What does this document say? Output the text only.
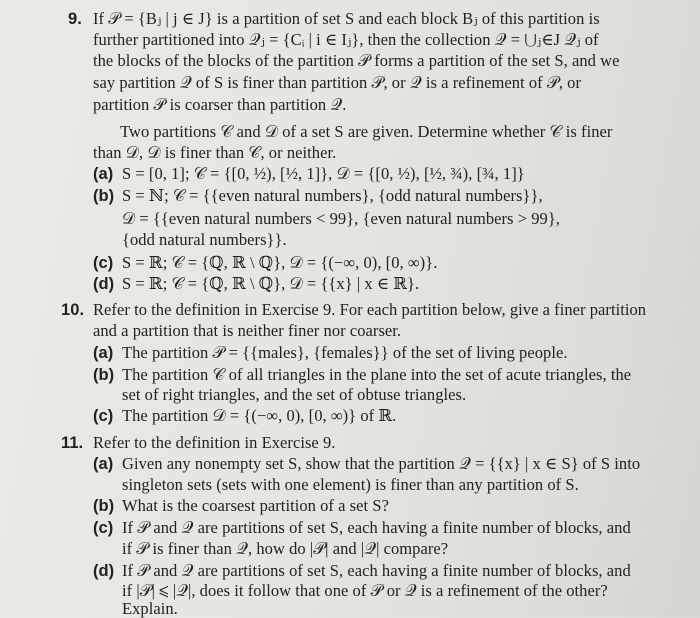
9. If 𝒫 = {Bⱼ | j ∈ J} is a partition of set S and each block Bⱼ of this partition is
further partitioned into 𝒬ⱼ = {Cᵢ | i ∈ Iⱼ}, then the collection 𝒬 = ⋃ⱼ∈J 𝒬ⱼ of
the blocks of the blocks of the partition 𝒫 forms a partition of the set S, and we
say partition 𝒬 of S is finer than partition 𝒫, or 𝒬 is a refinement of 𝒫, or
partition 𝒫 is coarser than partition 𝒬.
Two partitions 𝒞 and 𝒟 of a set S are given. Determine whether 𝒞 is finer
than 𝒟, 𝒟 is finer than 𝒞, or neither.
(a) S = [0, 1]; 𝒞 = {[0, ½), [½, 1]}, 𝒟 = {[0, ½), [½, ¾), [¾, 1]}
(b) S = ℕ; 𝒞 = {{even natural numbers}, {odd natural numbers}},
𝒟 = {{even natural numbers < 99}, {even natural numbers > 99},
{odd natural numbers}}.
(c) S = ℝ; 𝒞 = {ℚ, ℝ \ ℚ}, 𝒟 = {(−∞, 0), [0, ∞)}.
(d) S = ℝ; 𝒞 = {ℚ, ℝ \ ℚ}, 𝒟 = {{x} | x ∈ ℝ}.
10. Refer to the definition in Exercise 9. For each partition below, give a finer partition
and a partition that is neither finer nor coarser.
(a) The partition 𝒫 = {{males}, {females}} of the set of living people.
(b) The partition 𝒞 of all triangles in the plane into the set of acute triangles, the
set of right triangles, and the set of obtuse triangles.
(c) The partition 𝒟 = {(−∞, 0), [0, ∞)} of ℝ.
11. Refer to the definition in Exercise 9.
(a) Given any nonempty set S, show that the partition 𝒬 = {{x} | x ∈ S} of S into
singleton sets (sets with one element) is finer than any partition of S.
(b) What is the coarsest partition of a set S?
(c) If 𝒫 and 𝒬 are partitions of set S, each having a finite number of blocks, and
if 𝒫 is finer than 𝒬, how do |𝒫| and |𝒬| compare?
(d) If 𝒫 and 𝒬 are partitions of set S, each having a finite number of blocks, and
if |𝒫| ⩽ |𝒬|, does it follow that one of 𝒫 or 𝒬 is a refinement of the other?
Explain.
